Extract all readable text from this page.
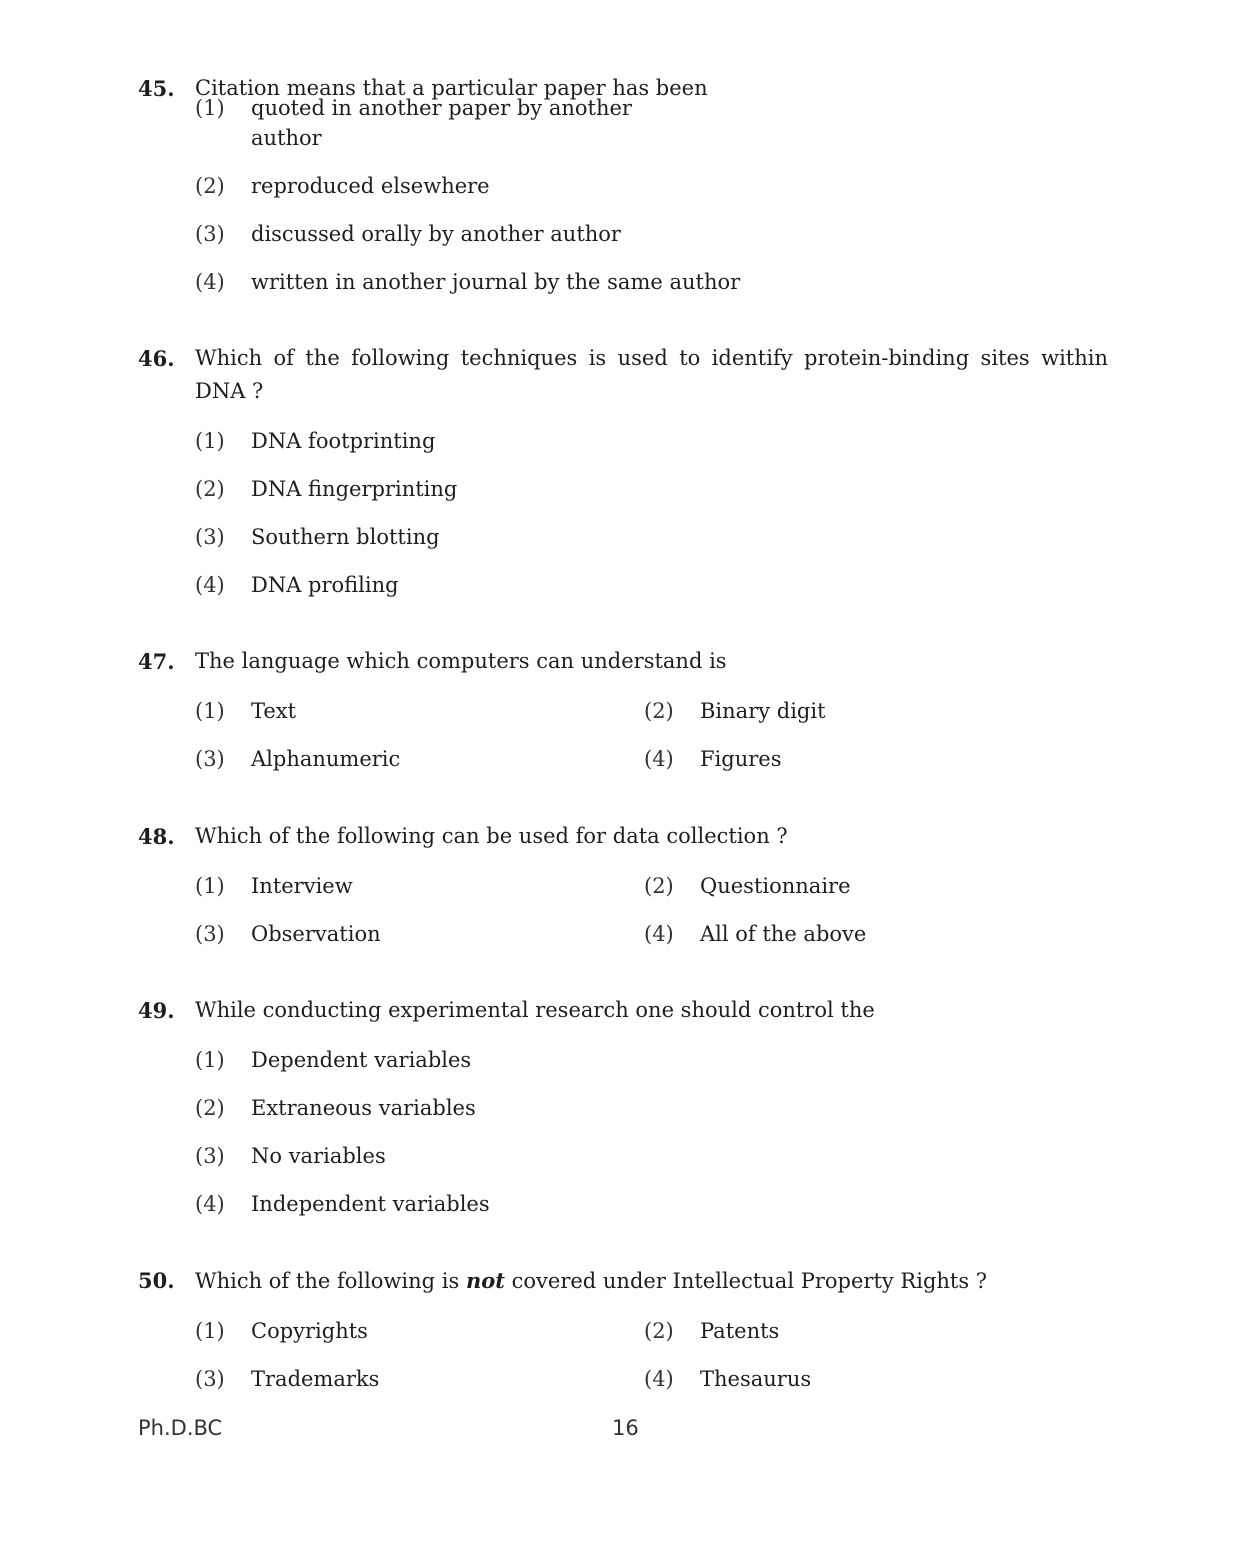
45. Citation means that a particular paper has been
(1)	quoted in another paper by another author
(2)	reproduced elsewhere
(3)	discussed orally by another author
(4)	written in another journal by the same author
46. Which of the following techniques is used to identify protein-binding sites within DNA ?
(1)	DNA footprinting
(2)	DNA fingerprinting
(3)	Southern blotting
(4)	DNA profiling
47. The language which computers can understand is
(1)	Text	(2)	Binary digit
(3)	Alphanumeric	(4)	Figures
48. Which of the following can be used for data collection ?
(1)	Interview	(2)	Questionnaire
(3)	Observation	(4)	All of the above
49. While conducting experimental research one should control the
(1)	Dependent variables
(2)	Extraneous variables
(3)	No variables
(4)	Independent variables
50. Which of the following is not covered under Intellectual Property Rights ?
(1)	Copyrights	(2)	Patents
(3)	Trademarks	(4)	Thesaurus
Ph.D.BC	16
